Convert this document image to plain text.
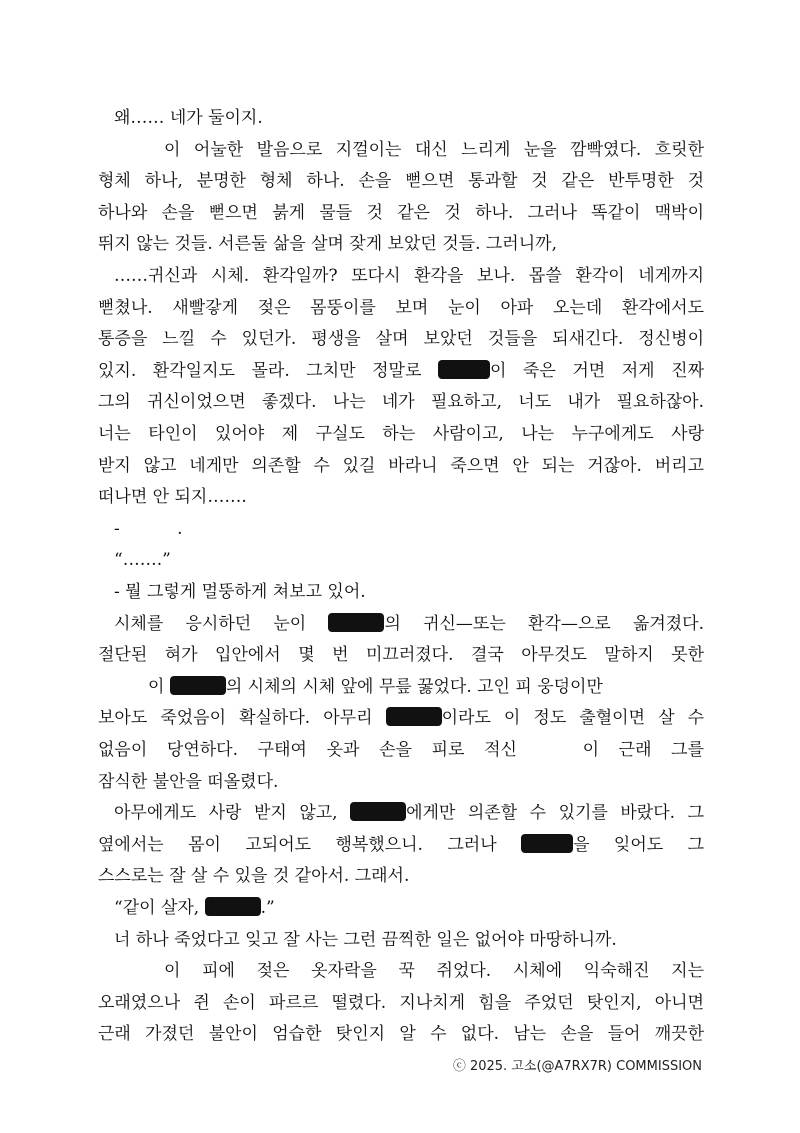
왜…… 네가 둘이지.
이 어눌한 발음으로 지껄이는 대신 느리게 눈을 깜빡였다. 흐릿한
형체 하나, 분명한 형체 하나. 손을 뻗으면 통과할 것 같은 반투명한 것
하나와 손을 뻗으면 붉게 물들 것 같은 것 하나. 그러나 똑같이 맥박이
뛰지 않는 것들. 서른둘 삶을 살며 잦게 보았던 것들. 그러니까,
……귀신과 시체. 환각일까? 또다시 환각을 보나. 몹쓸 환각이 네게까지
뻗쳤나. 새빨갛게 젖은 몸뚱이를 보며 눈이 아파 오는데 환각에서도
통증을 느낄 수 있던가. 평생을 살며 보았던 것들을 되새긴다. 정신병이
있지. 환각일지도 몰라. 그치만 정말로	이 죽은 거면 저게 진짜
그의 귀신이었으면 좋겠다. 나는 네가 필요하고, 너도 내가 필요하잖아.
너는 타인이 있어야 제 구실도 하는 사람이고, 나는 누구에게도 사랑
받지 않고 네게만 의존할 수 있길 바라니 죽으면 안 되는 거잖아. 버리고
떠나면 안 되지…….
-	.
“…….”
- 뭘 그렇게 멀뚱하게 쳐보고 있어.
시체를 응시하던 눈이	의 귀신—또는 환각—으로 옮겨졌다.
절단된 혀가 입안에서 몇 번 미끄러졌다. 결국 아무것도 말하지 못한
이	의 시체의 시체 앞에 무릎 꿇었다. 고인 피 웅덩이만
보아도 죽었음이 확실하다. 아무리	이라도 이 정도 출혈이면 살 수
없음이 당연하다. 구태여 옷과 손을 피로 적신	이 근래 그를
잠식한 불안을 떠올렸다.
아무에게도 사랑 받지 않고,	에게만 의존할 수 있기를 바랐다. 그
옆에서는 몸이 고되어도 행복했으니. 그러나	을 잊어도 그
스스로는 잘 살 수 있을 것 같아서. 그래서.
“같이 살자,	.”
너 하나 죽었다고 잊고 잘 사는 그런 끔찍한 일은 없어야 마땅하니까.
이 피에 젖은 옷자락을 꾹 쥐었다. 시체에 익숙해진 지는
오래였으나 쥔 손이 파르르 떨렸다. 지나치게 힘을 주었던 탓인지, 아니면
근래 가졌던 불안이 엄습한 탓인지 알 수 없다. 남는 손을 들어 깨끗한
ⓒ 2025. 고소(@A7RX7R) COMMISSION
